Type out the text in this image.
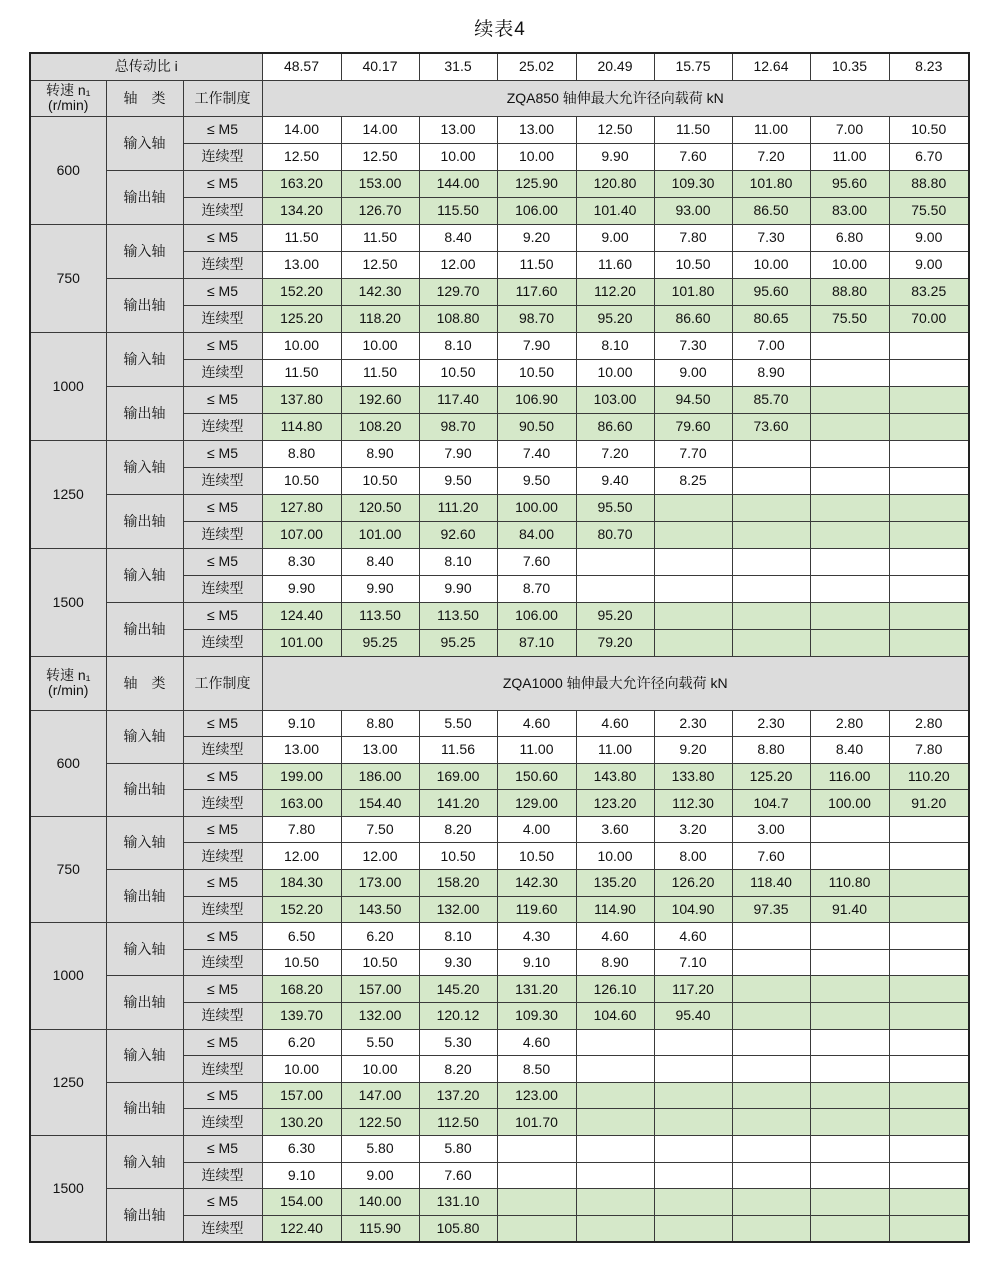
续表4
总传动比 i			48.57	40.17	31.5	25.02	20.49	15.75	12.64	10.35	8.23
转速 n₁
(r/min)	轴　类	工作制度	ZQA850 轴伸最大允许径向载荷 kN								
600	输入轴	≤ M5	14.00	14.00	13.00	13.00	12.50	11.50	11.00	7.00	10.50
		连续型	12.50	12.50	10.00	10.00	9.90	7.60	7.20	11.00	6.70
	输出轴	≤ M5	163.20	153.00	144.00	125.90	120.80	109.30	101.80	95.60	88.80
		连续型	134.20	126.70	115.50	106.00	101.40	93.00	86.50	83.00	75.50
750	输入轴	≤ M5	11.50	11.50	8.40	9.20	9.00	7.80	7.30	6.80	9.00
		连续型	13.00	12.50	12.00	11.50	11.60	10.50	10.00	10.00	9.00
	输出轴	≤ M5	152.20	142.30	129.70	117.60	112.20	101.80	95.60	88.80	83.25
		连续型	125.20	118.20	108.80	98.70	95.20	86.60	80.65	75.50	70.00
1000	输入轴	≤ M5	10.00	10.00	8.10	7.90	8.10	7.30	7.00		
		连续型	11.50	11.50	10.50	10.50	10.00	9.00	8.90		
	输出轴	≤ M5	137.80	192.60	117.40	106.90	103.00	94.50	85.70		
		连续型	114.80	108.20	98.70	90.50	86.60	79.60	73.60		
1250	输入轴	≤ M5	8.80	8.90	7.90	7.40	7.20	7.70			
		连续型	10.50	10.50	9.50	9.50	9.40	8.25			
	输出轴	≤ M5	127.80	120.50	111.20	100.00	95.50				
		连续型	107.00	101.00	92.60	84.00	80.70				
1500	输入轴	≤ M5	8.30	8.40	8.10	7.60					
		连续型	9.90	9.90	9.90	8.70					
	输出轴	≤ M5	124.40	113.50	113.50	106.00	95.20				
		连续型	101.00	95.25	95.25	87.10	79.20				
转速 n₁
(r/min)	轴　类	工作制度	ZQA1000 轴伸最大允许径向载荷 kN								
600	输入轴	≤ M5	9.10	8.80	5.50	4.60	4.60	2.30	2.30	2.80	2.80
		连续型	13.00	13.00	11.56	11.00	11.00	9.20	8.80	8.40	7.80
	输出轴	≤ M5	199.00	186.00	169.00	150.60	143.80	133.80	125.20	116.00	110.20
		连续型	163.00	154.40	141.20	129.00	123.20	112.30	104.7	100.00	91.20
750	输入轴	≤ M5	7.80	7.50	8.20	4.00	3.60	3.20	3.00		
		连续型	12.00	12.00	10.50	10.50	10.00	8.00	7.60		
	输出轴	≤ M5	184.30	173.00	158.20	142.30	135.20	126.20	118.40	110.80	
		连续型	152.20	143.50	132.00	119.60	114.90	104.90	97.35	91.40	
1000	输入轴	≤ M5	6.50	6.20	8.10	4.30	4.60	4.60			
		连续型	10.50	10.50	9.30	9.10	8.90	7.10			
	输出轴	≤ M5	168.20	157.00	145.20	131.20	126.10	117.20			
		连续型	139.70	132.00	120.12	109.30	104.60	95.40			
1250	输入轴	≤ M5	6.20	5.50	5.30	4.60					
		连续型	10.00	10.00	8.20	8.50					
	输出轴	≤ M5	157.00	147.00	137.20	123.00					
		连续型	130.20	122.50	112.50	101.70					
1500	输入轴	≤ M5	6.30	5.80	5.80						
		连续型	9.10	9.00	7.60						
	输出轴	≤ M5	154.00	140.00	131.10						
		连续型	122.40	115.90	105.80						
